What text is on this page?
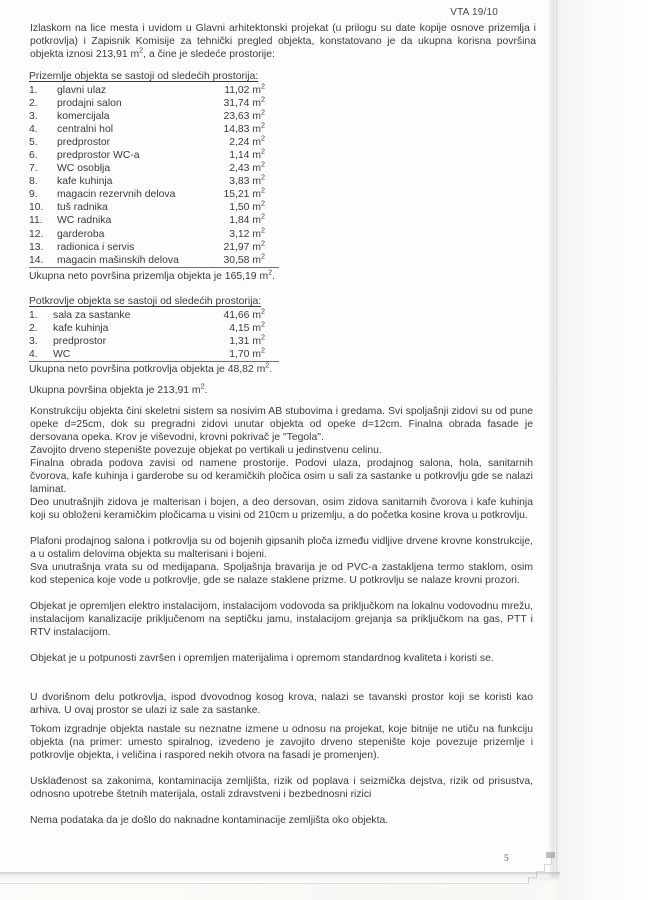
VTA 19/10
Izlaskom na lice mesta i uvidom u Glavni arhitektonski projekat (u prilogu su date kopije osnove prizemlja i potkrovlja) i Zapisnik Komisije za tehnički pregled objekta, konstatovano je da ukupna korisna površina objekta iznosi 213,91 $m^2$, a čine je sledeće prostorije:
Prizemlje objekta se sastoji od sledećih prostorija:
1.	glavni ulaz	11,02 $m^2$
2.	prodajni salon	31,74 $m^2$
3.	komercijala	23,63 $m^2$
4.	centralni hol	14,83 $m^2$
5.	predprostor	2,24 $m^2$
6.	predprostor WC-a	1,14 $m^2$
7.	WC osoblja	2,43 $m^2$
8.	kafe kuhinja	3,83 $m^2$
9.	magacin rezervnih delova	15,21 $m^2$
10.	tuš radnika	1,50 $m^2$
11.	WC radnika	1,84 $m^2$
12.	garderoba	3,12 $m^2$
13.	radionica i servis	21,97 $m^2$
14.	magacin mašinskih delova	30,58 $m^2$
Ukupna neto površina prizemlja objekta je 165,19 $m^2$.
Potkrovlje objekta se sastoji od sledećih prostorija:
1.	sala za sastanke	41,66 $m^2$
2.	kafe kuhinja	4,15 $m^2$
3.	predprostor	1,31 $m^2$
4.	WC	1,70 $m^2$
Ukupna neto površina potkrovlja objekta je 48,82 $m^2$.
Ukupna površina objekta je 213,91 $m^2$.
Konstrukciju objekta čini skeletni sistem sa nosivim AB stubovima i gredama. Svi spoljašnji zidovi su od pune opeke d=25cm, dok su pregradni zidovi unutar objekta od opeke d=12cm. Finalna obrada fasade je dersovana opeka. Krov je viševodni, krovni pokrivač je "Tegola".
Zavojito drveno stepenište povezuje objekat po vertikali u jedinstvenu celinu.
Finalna obrada podova zavisi od namene prostorije. Podovi ulaza, prodajnog salona, hola, sanitarnih čvorova, kafe kuhinja i garderobe su od keramičkih pločica osim u sali za sastanke u potkrovlju gde se nalazi laminat.
Deo unutrašnjih zidova je malterisan i bojen, a deo dersovan, osim zidova sanitarnih čvorova i kafe kuhinja koji su obloženi keramičkim pločicama u visini od 210cm u prizemlju, a do početka kosine krova u potkrovlju.
Plafoni prodajnog salona i potkrovlja su od bojenih gipsanih ploča između vidljive drvene krovne konstrukcije, a u ostalim delovima objekta su malterisani i bojeni.
Sva unutrašnja vrata su od medijapana. Spoljašnja bravarija je od PVC-a zastakljena termo staklom, osim kod stepenica koje vode u potkrovlje, gde se nalaze staklene prizme. U potkrovlju se nalaze krovni prozori.
Objekat je opremljen elektro instalacijom, instalacijom vodovoda sa priključkom na lokalnu vodovodnu mrežu, instalacijom kanalizacije priključenom na septičku jamu, instalacijom grejanja sa priključkom na gas, PTT i RTV instalacijom.
Objekat je u potpunosti završen i opremljen materijalima i opremom standardnog kvaliteta i koristi se.
U dvorišnom delu potkrovlja, ispod dvovodnog kosog krova, nalazi se tavanski prostor koji se koristi kao arhiva. U ovaj prostor se ulazi iz sale za sastanke.
Tokom izgradnje objekta nastale su neznatne izmene u odnosu na projekat, koje bitnije ne utiču na funkciju objekta (na primer: umesto spiralnog, izvedeno je zavojito drveno stepenište koje povezuje prizemlje i potkrovlje objekta, i veličina i raspored nekih otvora na fasadi je promenjen).
Usklađenost sa zakonima, kontaminacija zemljišta, rizik od poplava i seizmička dejstva, rizik od prisustva, odnosno upotrebe štetnih materijala, ostali zdravstveni i bezbednosni rizici
Nema podataka da je došlo do naknadne kontaminacije zemljišta oko objekta.
5
